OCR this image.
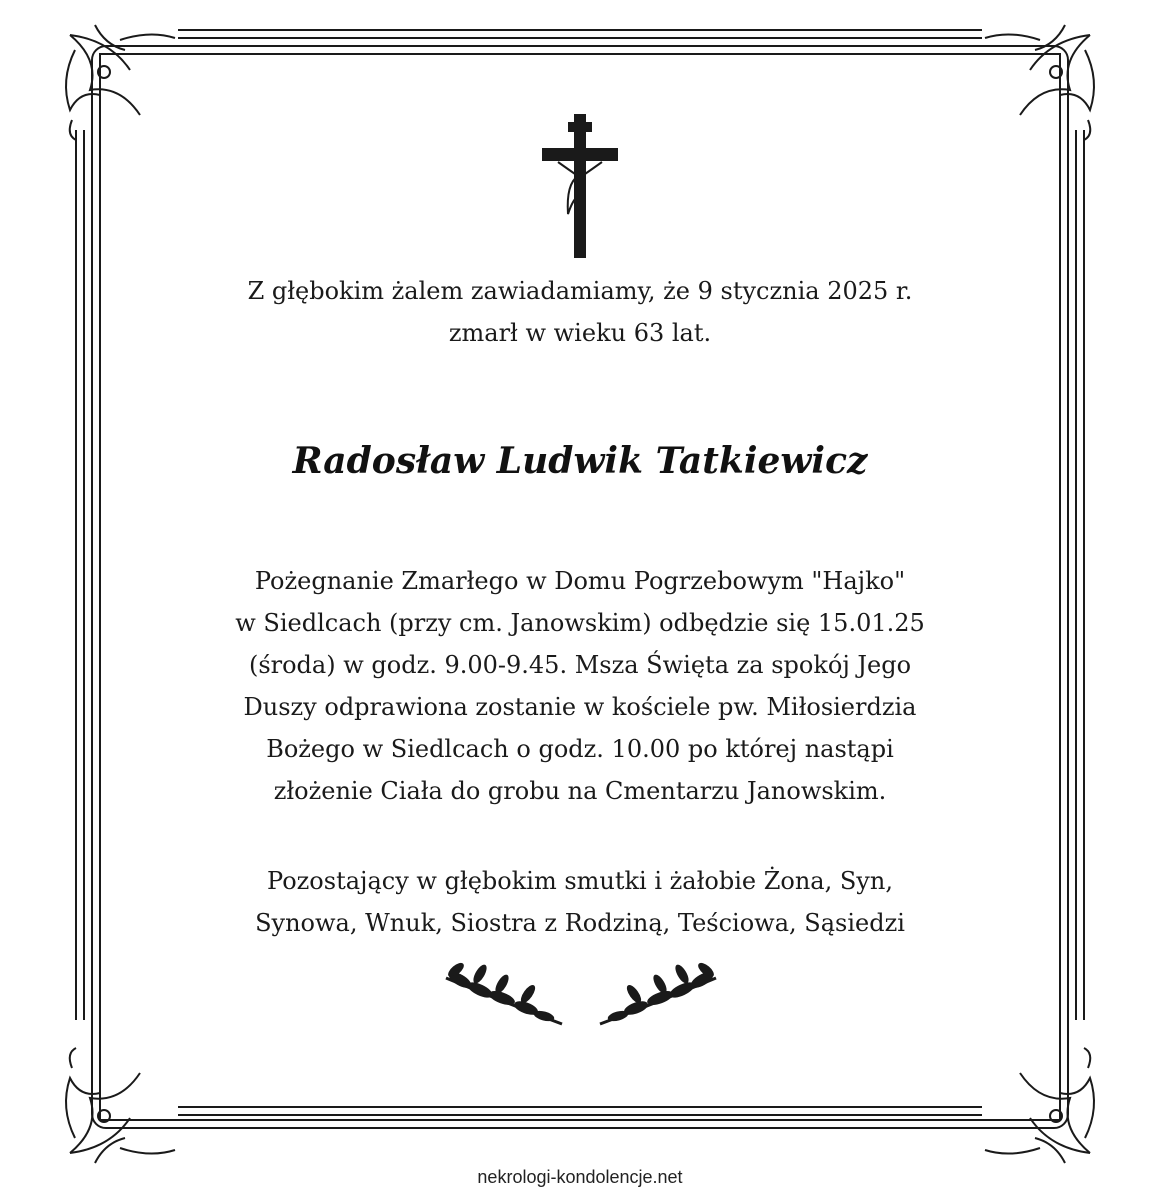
Z głębokim żalem zawiadamiamy, że 9 stycznia 2025 r.
zmarł w wieku 63 lat.
Radosław Ludwik Tatkiewicz
Pożegnanie Zmarłego w Domu Pogrzebowym "Hajko"
w Siedlcach (przy cm. Janowskim) odbędzie się 15.01.25
(środa) w godz. 9.00-9.45. Msza Święta za spokój Jego
Duszy odprawiona zostanie w kościele pw. Miłosierdzia
Bożego w Siedlcach o godz. 10.00 po której nastąpi
złożenie Ciała do grobu na Cmentarzu Janowskim.
Pozostający w głębokim smutki i żałobie Żona, Syn,
Synowa, Wnuk, Siostra z Rodziną, Teściowa, Sąsiedzi
nekrologi-kondolencje.net
